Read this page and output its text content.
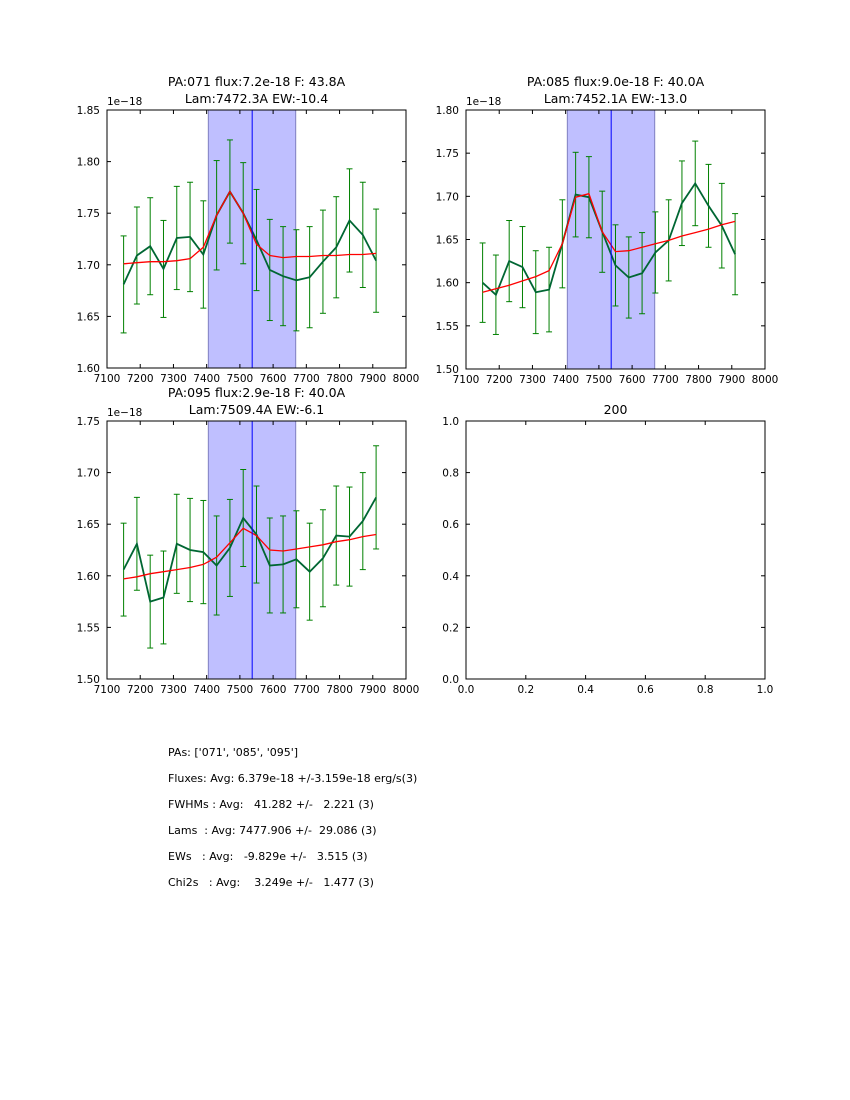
7100 7200 7300 7400 7500 7600 7700 7800 7900 8000
1.60
1.65
1.70
1.75
1.80
1.85
1e−18
PA:071 flux:7.2e-18 F: 43.8A
Lam:7472.3A EW:-10.4
7100 7200 7300 7400 7500 7600 7700 7800 7900 8000
1.50
1.55
1.60
1.65
1.70
1.75
1.80
1e−18
PA:085 flux:9.0e-18 F: 40.0A
Lam:7452.1A EW:-13.0
7100 7200 7300 7400 7500 7600 7700 7800 7900 8000
1.50
1.55
1.60
1.65
1.70
1.75
1e−18
PA:095 flux:2.9e-18 F: 40.0A
Lam:7509.4A EW:-6.1
0.0	0.2	0.4	0.6	0.8	1.0
0.0
0.2
0.4
0.6
0.8
1.0
200
PAs: ['071', '085', '095']
Fluxes: Avg: 6.379e-18 +/-3.159e-18 erg/s(3)
FWHMs : Avg:   41.282 +/-   2.221 (3)
Lams  : Avg: 7477.906 +/-  29.086 (3)
EWs   : Avg:   -9.829e +/-   3.515 (3)
Chi2s   : Avg:    3.249e +/-   1.477 (3)
